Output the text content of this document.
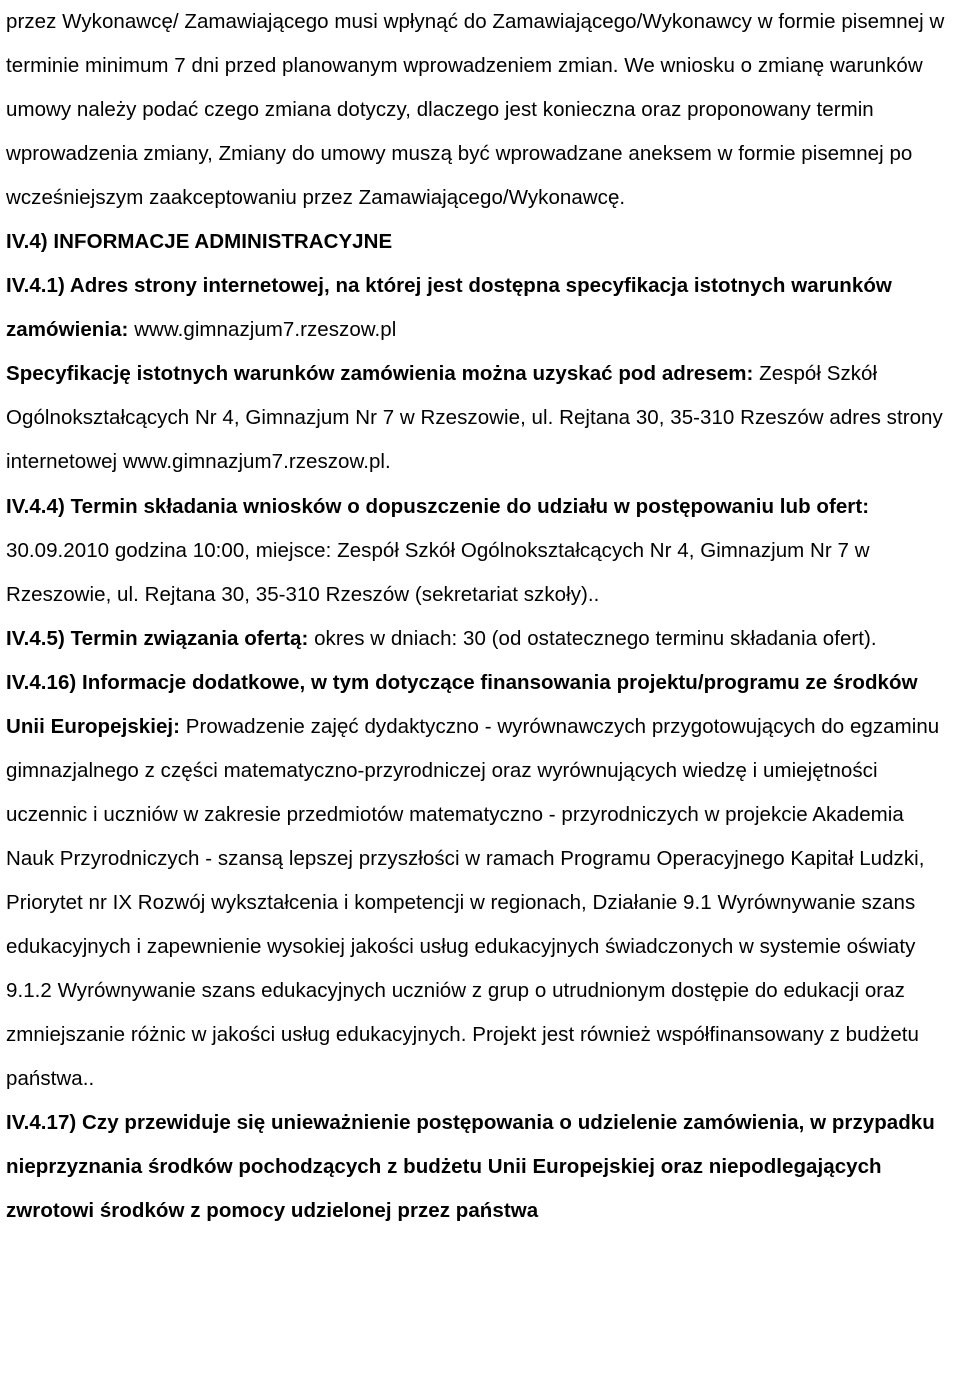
przez Wykonawcę/ Zamawiającego musi wpłynąć do Zamawiającego/Wykonawcy w formie pisemnej w terminie minimum 7 dni przed planowanym wprowadzeniem zmian. We wniosku o zmianę warunków umowy należy podać czego zmiana dotyczy, dlaczego jest konieczna oraz proponowany termin wprowadzenia zmiany, Zmiany do umowy muszą być wprowadzane aneksem w formie pisemnej po wcześniejszym zaakceptowaniu przez Zamawiającego/Wykonawcę.

IV.4) INFORMACJE ADMINISTRACYJNE

IV.4.1) Adres strony internetowej, na której jest dostępna specyfikacja istotnych warunków zamówienia: www.gimnazjum7.rzeszow.pl

Specyfikację istotnych warunków zamówienia można uzyskać pod adresem: Zespół Szkół Ogólnokształcących Nr 4, Gimnazjum Nr 7 w Rzeszowie, ul. Rejtana 30, 35-310 Rzeszów adres strony internetowej www.gimnazjum7.rzeszow.pl.

IV.4.4) Termin składania wniosków o dopuszczenie do udziału w postępowaniu lub ofert: 30.09.2010 godzina 10:00, miejsce: Zespół Szkół Ogólnokształcących Nr 4, Gimnazjum Nr 7 w Rzeszowie, ul. Rejtana 30, 35-310 Rzeszów (sekretariat szkoły)..

IV.4.5) Termin związania ofertą: okres w dniach: 30 (od ostatecznego terminu składania ofert).

IV.4.16) Informacje dodatkowe, w tym dotyczące finansowania projektu/programu ze środków Unii Europejskiej: Prowadzenie zajęć dydaktyczno - wyrównawczych przygotowujących do egzaminu gimnazjalnego z części matematyczno-przyrodniczej oraz wyrównujących wiedzę i umiejętności uczennic i uczniów w zakresie przedmiotów matematyczno - przyrodniczych w projekcie Akademia Nauk Przyrodniczych - szansą lepszej przyszłości w ramach Programu Operacyjnego Kapitał Ludzki, Priorytet nr IX Rozwój wykształcenia i kompetencji w regionach, Działanie 9.1 Wyrównywanie szans edukacyjnych i zapewnienie wysokiej jakości usług edukacyjnych świadczonych w systemie oświaty 9.1.2 Wyrównywanie szans edukacyjnych uczniów z grup o utrudnionym dostępie do edukacji oraz zmniejszanie różnic w jakości usług edukacyjnych. Projekt jest również współfinansowany z budżetu państwa..

IV.4.17) Czy przewiduje się unieważnienie postępowania o udzielenie zamówienia, w przypadku nieprzyznania środków pochodzących z budżetu Unii Europejskiej oraz niepodlegających zwrotowi środków z pomocy udzielonej przez państwa
